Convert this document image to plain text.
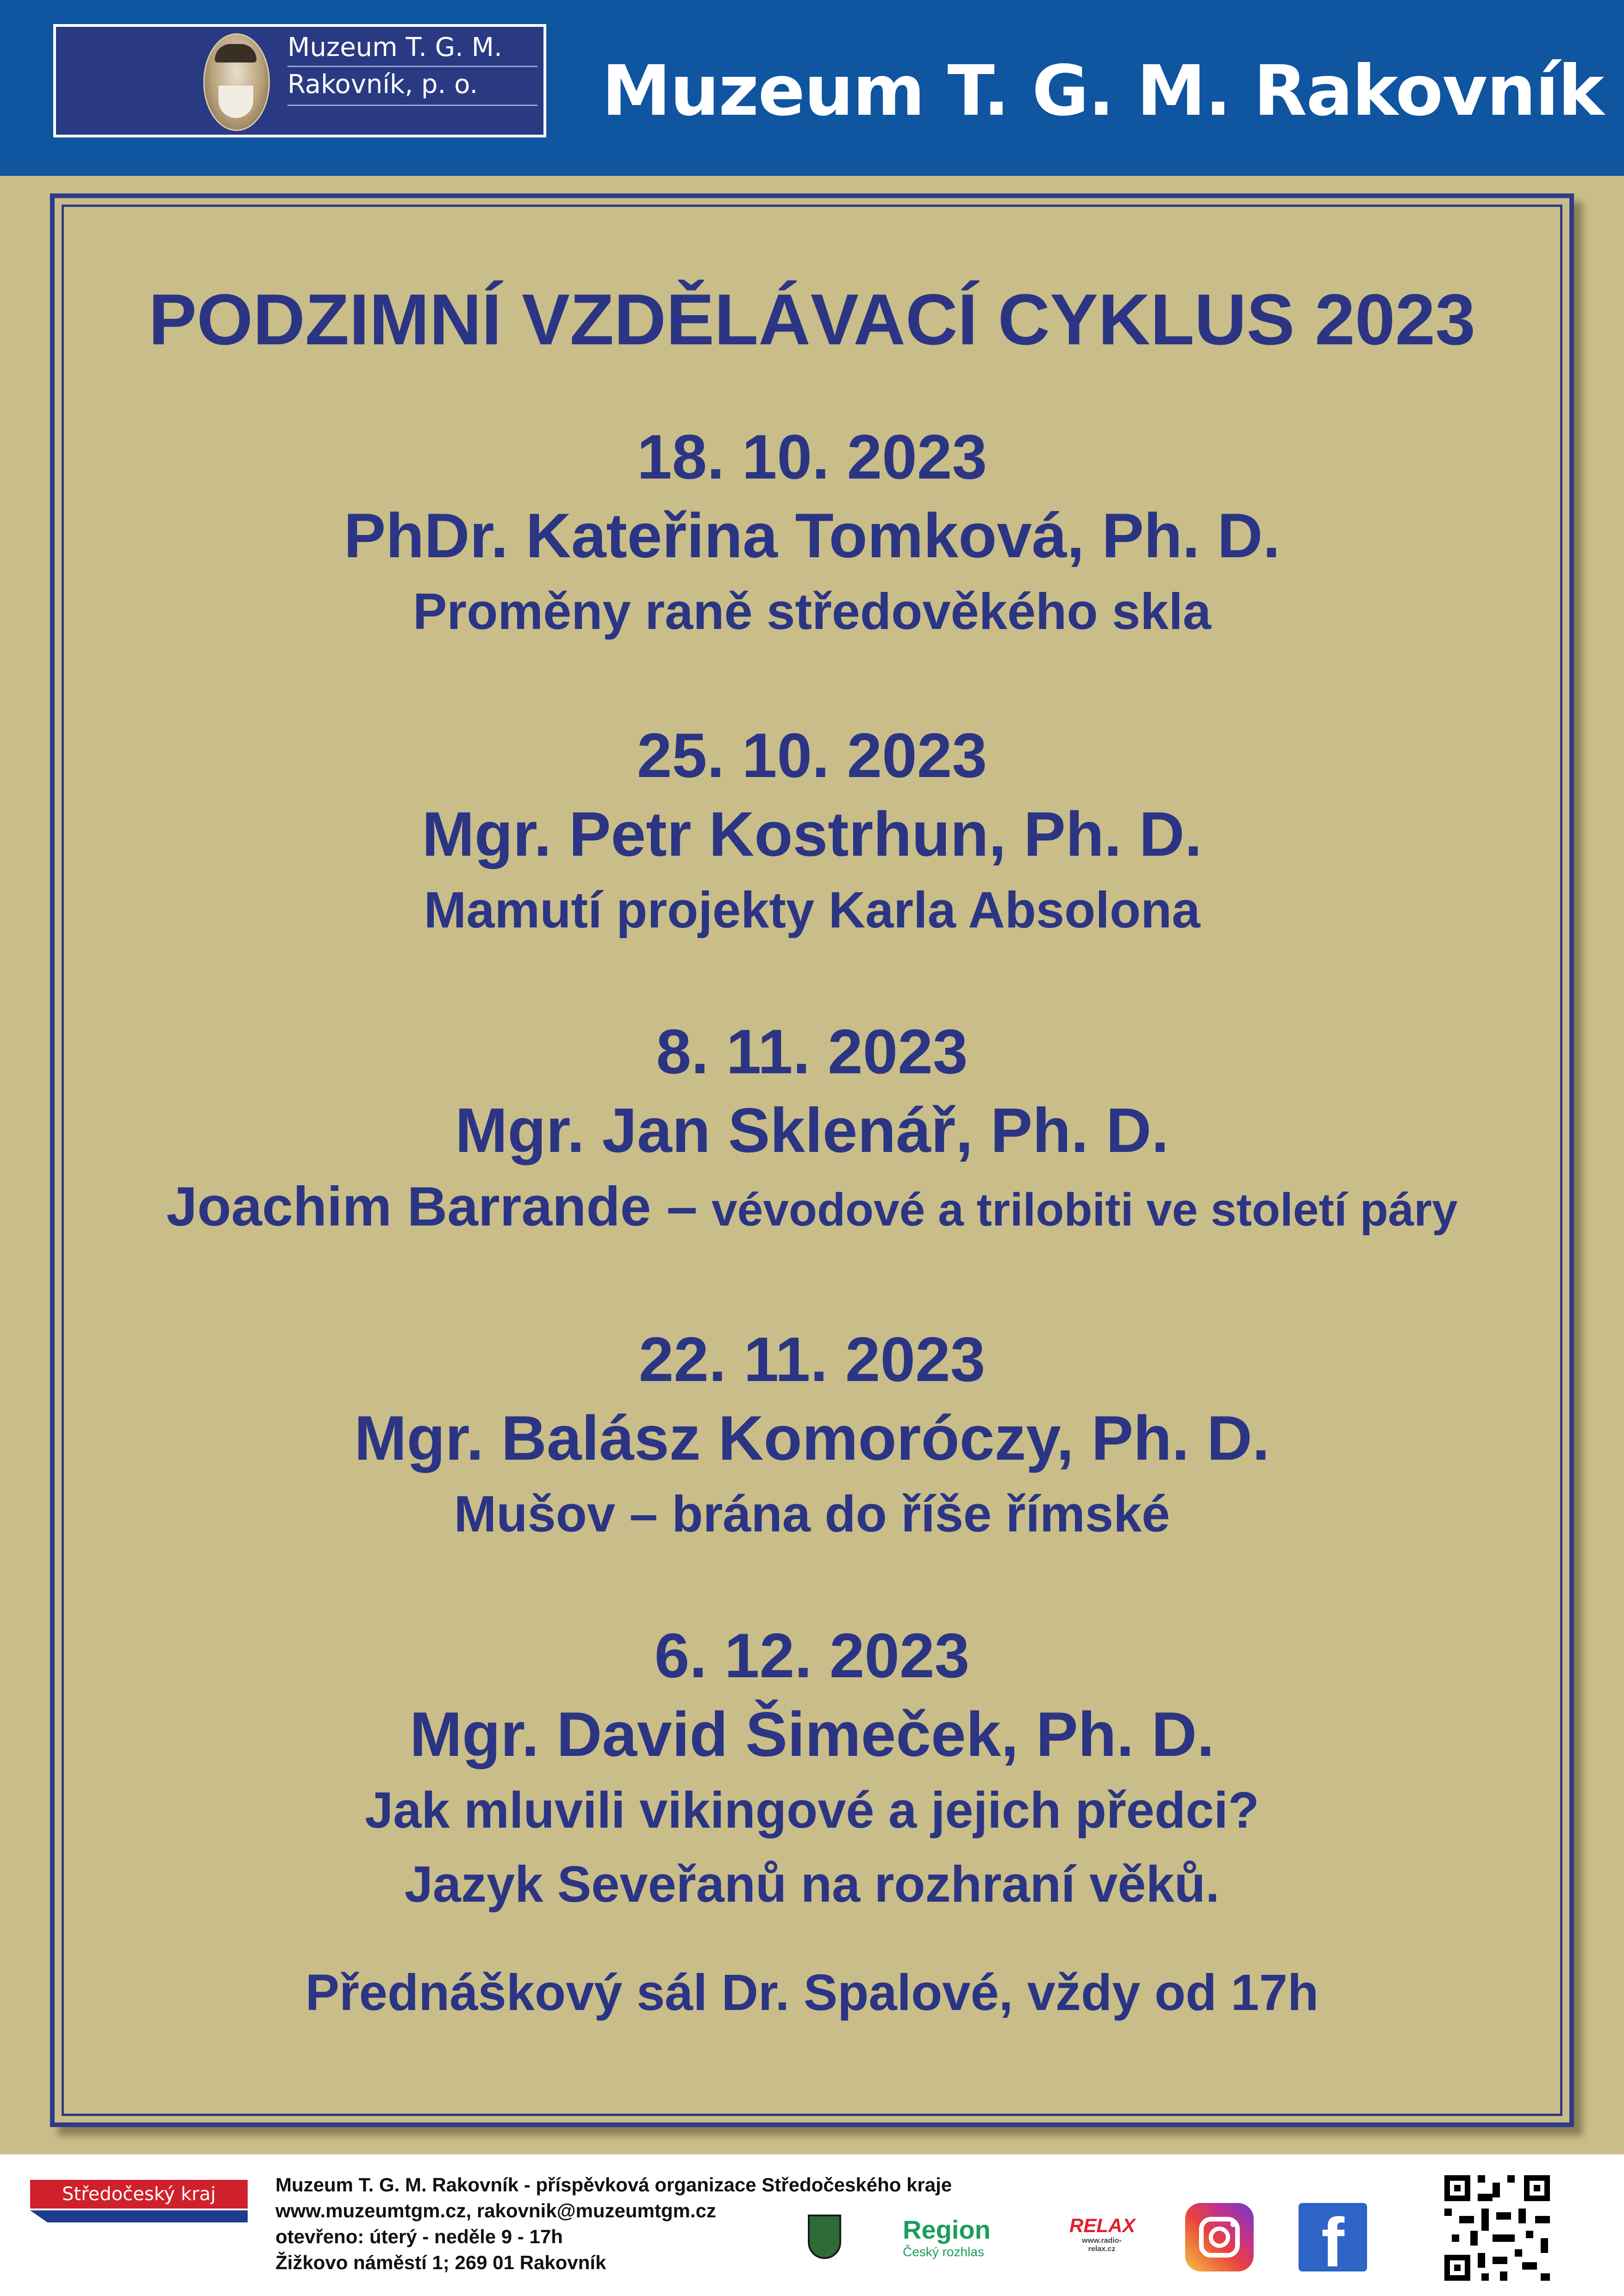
Muzeum T. G. M.
Rakovník, p. o. Muzeum T. G. M. Rakovník
PODZIMNÍ VZDĚLÁVACÍ CYKLUS 2023
18. 10. 2023
PhDr. Kateřina Tomková, Ph. D.
Proměny raně středověkého skla
25. 10. 2023
Mgr. Petr Kostrhun, Ph. D.
Mamutí projekty Karla Absolona
8. 11. 2023
Mgr. Jan Sklenář, Ph. D.
Joachim Barrande – vévodové a trilobiti ve století páry
22. 11. 2023
Mgr. Balász Komoróczy, Ph. D.
Mušov – brána do říše římské
6. 12. 2023
Mgr. David Šimeček, Ph. D.
Jak mluvili vikingové a jejich předci?
Jazyk Seveřanů na rozhraní věků.
Přednáškový sál Dr. Spalové, vždy od 17h
Středočeský kraj	Muzeum T. G. M. Rakovník - příspěvková organizace Středočeského kraje
www.muzeumtgm.cz, rakovnik@muzeumtgm.cz
otevřeno: úterý - neděle 9 - 17h
Žižkovo náměstí 1; 269 01 Rakovník
Region
Český rozhlas
RELAX
www.radio-relax.cz	f
